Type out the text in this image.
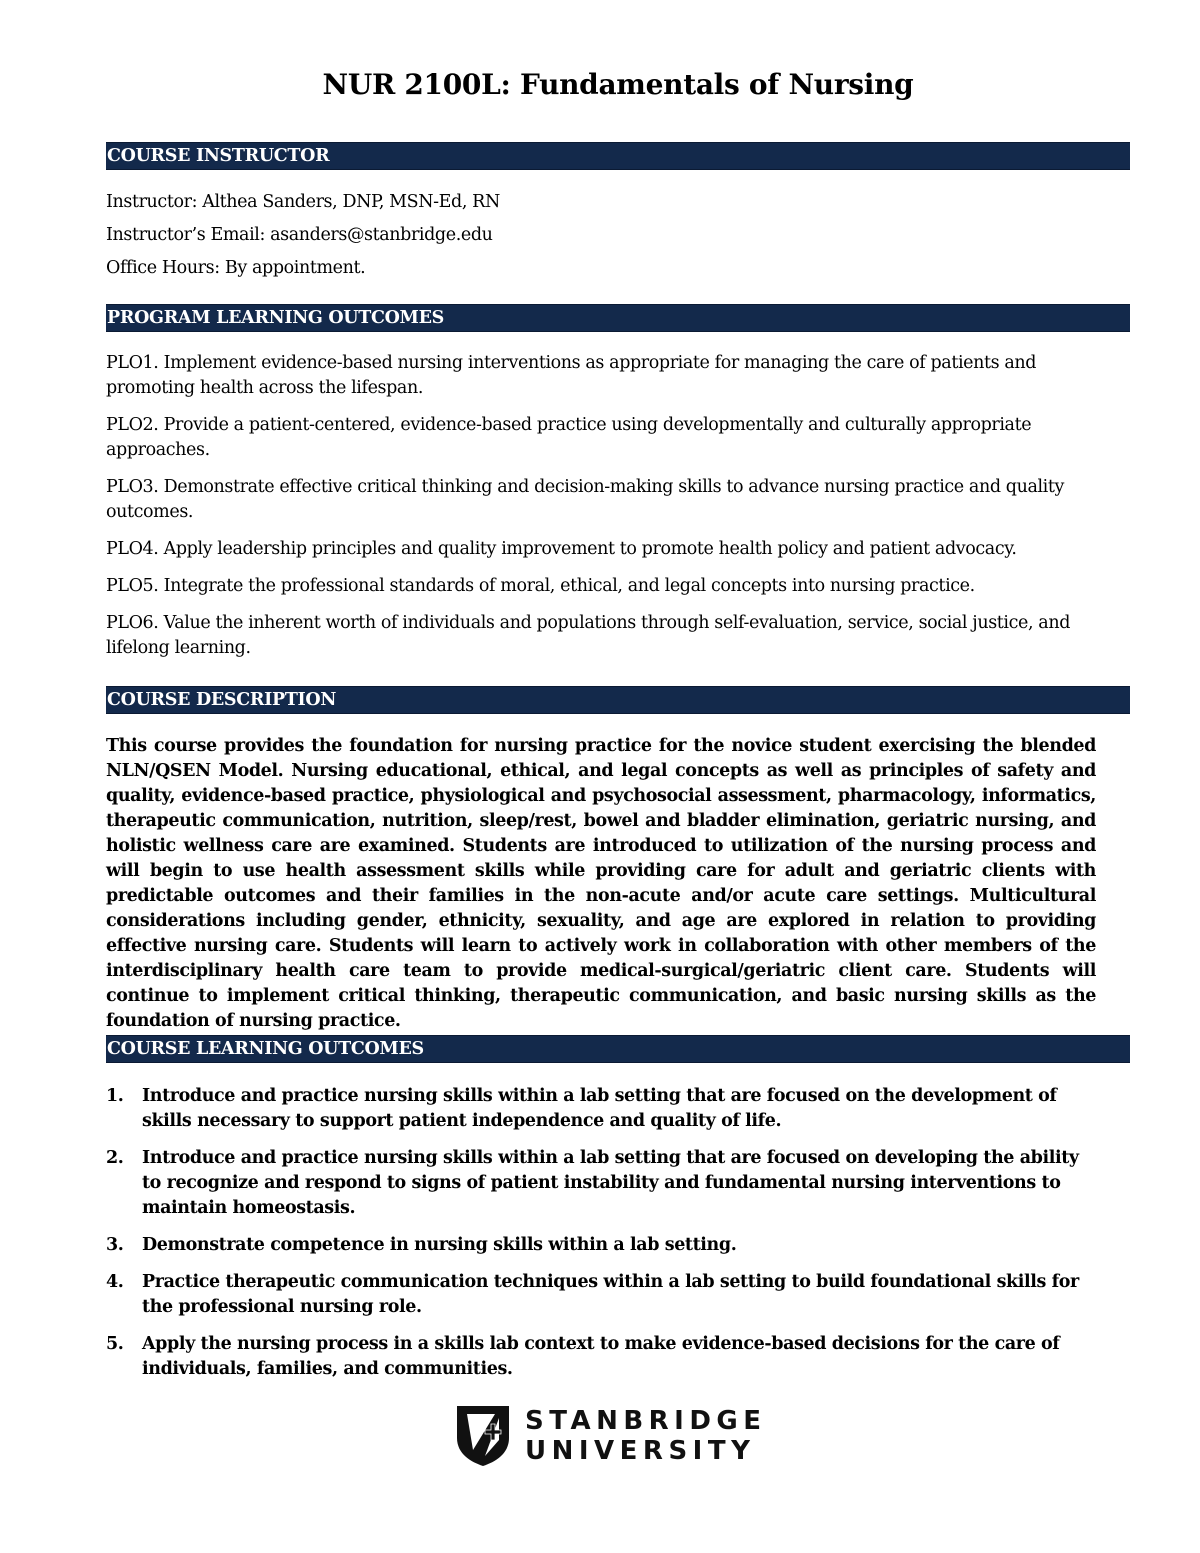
NUR 2100L: Fundamentals of Nursing
COURSE INSTRUCTOR
Instructor: Althea Sanders, DNP, MSN-Ed, RN
Instructor’s Email: asanders@stanbridge.edu
Office Hours: By appointment.
PROGRAM LEARNING OUTCOMES

PLO1. Implement evidence-based nursing interventions as appropriate for managing the care of patients and promoting health across the lifespan.

PLO2. Provide a patient-centered, evidence-based practice using developmentally and culturally appropriate approaches.

PLO3. Demonstrate effective critical thinking and decision-making skills to advance nursing practice and quality outcomes.

PLO4. Apply leadership principles and quality improvement to promote health policy and patient advocacy.

PLO5. Integrate the professional standards of moral, ethical, and legal concepts into nursing practice.

PLO6. Value the inherent worth of individuals and populations through self-evaluation, service, social justice, and lifelong learning.

COURSE DESCRIPTION

This course provides the foundation for nursing practice for the novice student exercising the blended NLN/QSEN Model. Nursing educational, ethical, and legal concepts as well as principles of safety and quality, evidence-based practice, physiological and psychosocial assessment, pharmacology, informatics, therapeutic communication, nutrition, sleep/rest, bowel and bladder elimination, geriatric nursing, and holistic wellness care are examined. Students are introduced to utilization of the nursing process and will begin to use health assessment skills while providing care for adult and geriatric clients with predictable outcomes and their families in the non-acute and/or acute care settings. Multicultural considerations including gender, ethnicity, sexuality, and age are explored in relation to providing effective nursing care. Students will learn to actively work in collaboration with other members of the interdisciplinary health care team to provide medical-surgical/geriatric client care. Students will continue to implement critical thinking, therapeutic communication, and basic nursing skills as the foundation of nursing practice.

COURSE LEARNING OUTCOMES
1. Introduce and practice nursing skills within a lab setting that are focused on the development of skills necessary to support patient independence and quality of life.
2. Introduce and practice nursing skills within a lab setting that are focused on developing the ability to recognize and respond to signs of patient instability and fundamental nursing interventions to maintain homeostasis.
3. Demonstrate competence in nursing skills within a lab setting.
4. Practice therapeutic communication techniques within a lab setting to build foundational skills for the professional nursing role.
5. Apply the nursing process in a skills lab context to make evidence-based decisions for the care of individuals, families, and communities.
STANBRIDGE
UNIVERSITY
